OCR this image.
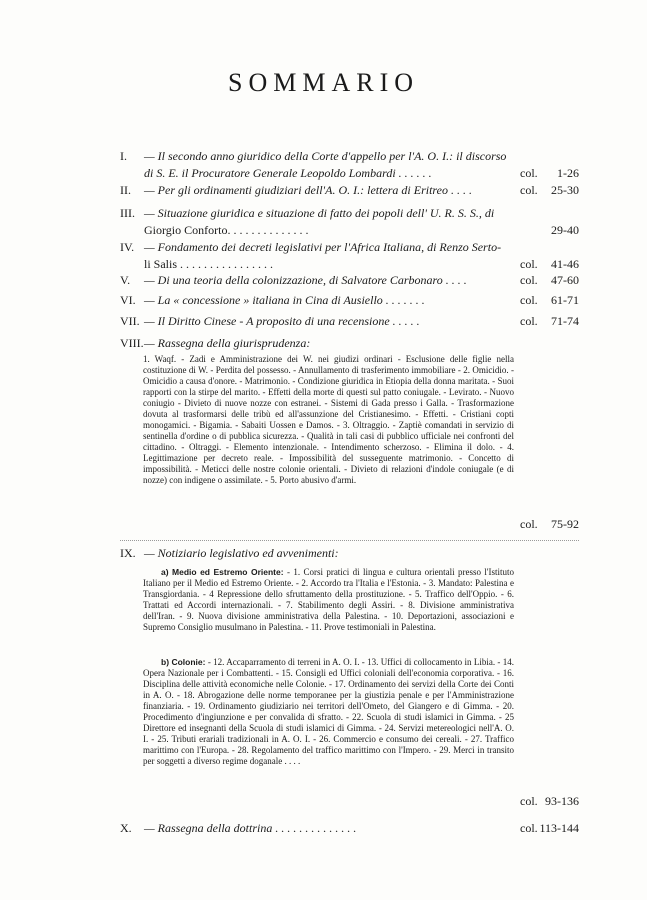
SOMMARIO
I. — Il secondo anno giuridico della Corte d'appello per l'A. O. I.: il discorso
di S. E. il Procuratore Generale Leopoldo Lombardi . . . . . .	col. 1-26
II. — Per gli ordinamenti giudiziari dell'A. O. I.: lettera di Eritreo . . . .	col. 25-30
III. — Situazione giuridica e situazione di fatto dei popoli dell' U. R. S. S., di
Giorgio Conforto. . . . . . . . . . . . . .	29-40
IV. — Fondamento dei decreti legislativi per l'Africa Italiana, di Renzo Serto-
li Salis . . . . . . . . . . . . . . . .	col. 41-46
V. — Di una teoria della colonizzazione, di Salvatore Carbonaro . . . .	col. 47-60
VI. — La « concessione » italiana in Cina di Ausiello . . . . . . .	col. 61-71
VII. — Il Diritto Cinese - A proposito di una recensione . . . . .	col. 71-74
VIII. — Rassegna della giurisprudenza:
1. Waqf. - Zadi e Amministrazione dei W. nei giudizi ordinari - Esclusione delle figlie nella costituzione di W. - Perdita del possesso. - Annullamento di trasferimento immobiliare - 2. Omicidio. - Omicidio a causa d'onore. - Matrimonio. - Condizione giuridica in Etiopia della donna maritata. - Suoi rapporti con la stirpe del marito. - Effetti della morte di questi sul patto coniugale. - Levirato. - Nuovo coniugio - Divieto di nuove nozze con estranei. - Sistemi di Gada presso i Galla. - Trasformazione dovuta al trasformarsi delle tribù ed all'assunzione del Cristianesimo. - Effetti. - Cristiani copti monogamici. - Bigamia. - Sabaiti Uossen e Damos. - 3. Oltraggio. - Zaptiè comandati in servizio di sentinella d'ordine o di pubblica sicurezza. - Qualità in tali casi di pubblico ufficiale nei confronti del cittadino. - Oltraggi. - Elemento intenzionale. - Intendimento scherzoso. - Elimina il dolo. - 4. Legittimazione per decreto reale. - Impossibilità del susseguente matrimonio. - Concetto di impossibilità. - Meticci delle nostre colonie orientali. - Divieto di relazioni d'indole coniugale (e di nozze) con indigene o assimilate. - 5. Porto abusivo d'armi.
col. 75-92
IX. — Notiziario legislativo ed avvenimenti:
a) Medio ed Estremo Oriente: - 1. Corsi pratici di lingua e cultura orientali presso l'Istituto Italiano per il Medio ed Estremo Oriente. - 2. Accordo tra l'Italia e l'Estonia. - 3. Mandato: Palestina e Transgiordania. - 4 Repressione dello sfruttamento della prostituzione. - 5. Traffico dell'Oppio. - 6. Trattati ed Accordi internazionali. - 7. Stabilimento degli Assiri. - 8. Divisione amministrativa dell'Iran. - 9. Nuova divisione amministrativa della Palestina. - 10. Deportazioni, associazioni e Supremo Consiglio musulmano in Palestina. - 11. Prove testimoniali in Palestina.
b) Colonie: - 12. Accaparramento di terreni in A. O. I. - 13. Uffici di collocamento in Libia. - 14. Opera Nazionale per i Combattenti. - 15. Consigli ed Uffici coloniali dell'economia corporativa. - 16. Disciplina delle attività economiche nelle Colonie. - 17. Ordinamento dei servizi della Corte dei Conti in A. O. - 18. Abrogazione delle norme temporanee per la giustizia penale e per l'Amministrazione finanziaria. - 19. Ordinamento giudiziario nei territori dell'Ometo, del Giangero e di Gimma. - 20. Procedimento d'ingiunzione e per convalida di sfratto. - 22. Scuola di studi islamici in Gimma. - 25 Direttore ed insegnanti della Scuola di studi islamici di Gimma. - 24. Servizi metereologici nell'A. O. I. - 25. Tributi erariali tradizionali in A. O. I. - 26. Commercio e consumo dei cereali. - 27. Traffico marittimo con l'Europa. - 28. Regolamento del traffico marittimo con l'Impero. - 29. Merci in transito per soggetti a diverso regime doganale . . . .
col. 93-136
X. — Rassegna della dottrina . . . . . . . . . . . . . .	col. 113-144
